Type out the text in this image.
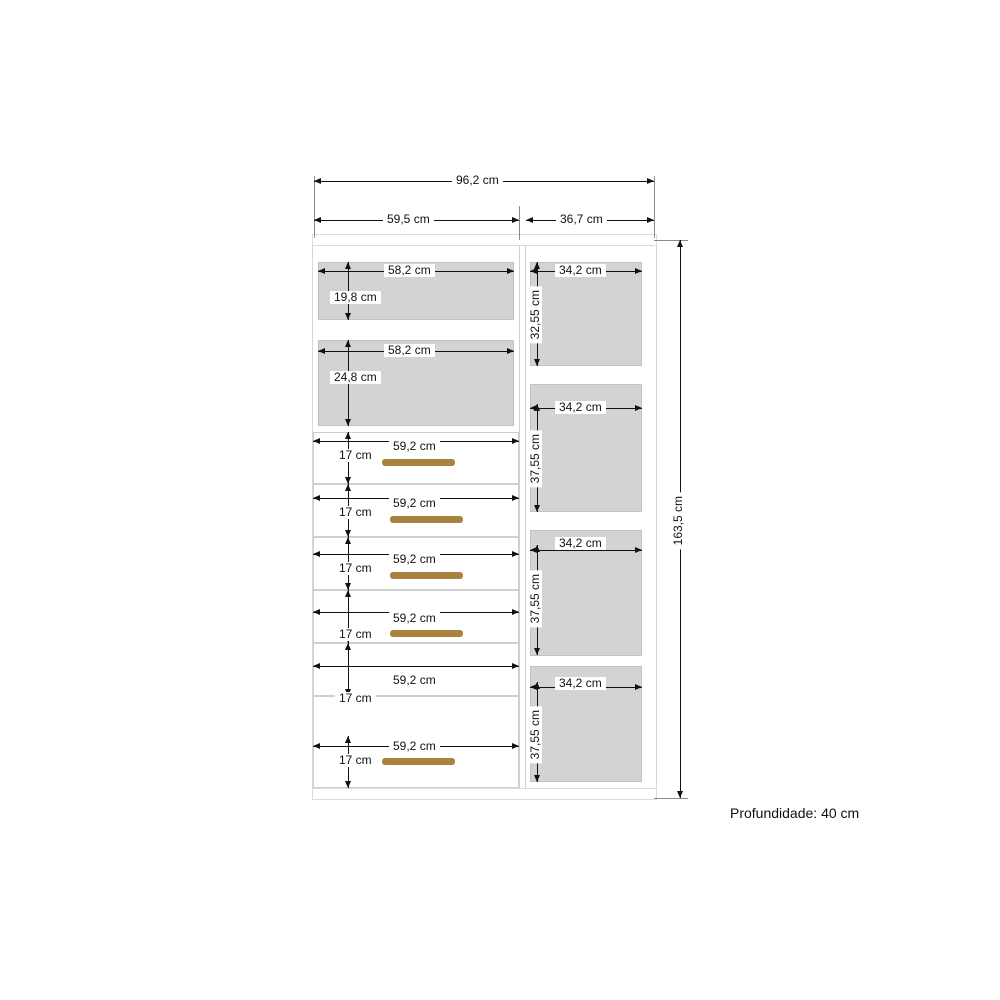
96,2 cm
59,5 cm	36,7 cm
163,5 cm
58,2 cm
19,8 cm
58,2 cm
24,8 cm
59,2 cm
17 cm
59,2 cm
17 cm
59,2 cm
17 cm
59,2 cm
17 cm
59,2 cm
17 cm
59,2 cm
17 cm
34,2 cm
32,55 cm
34,2 cm
37,55 cm
34,2 cm
37,55 cm
34,2 cm
37,55 cm
Profundidade: 40 cm
